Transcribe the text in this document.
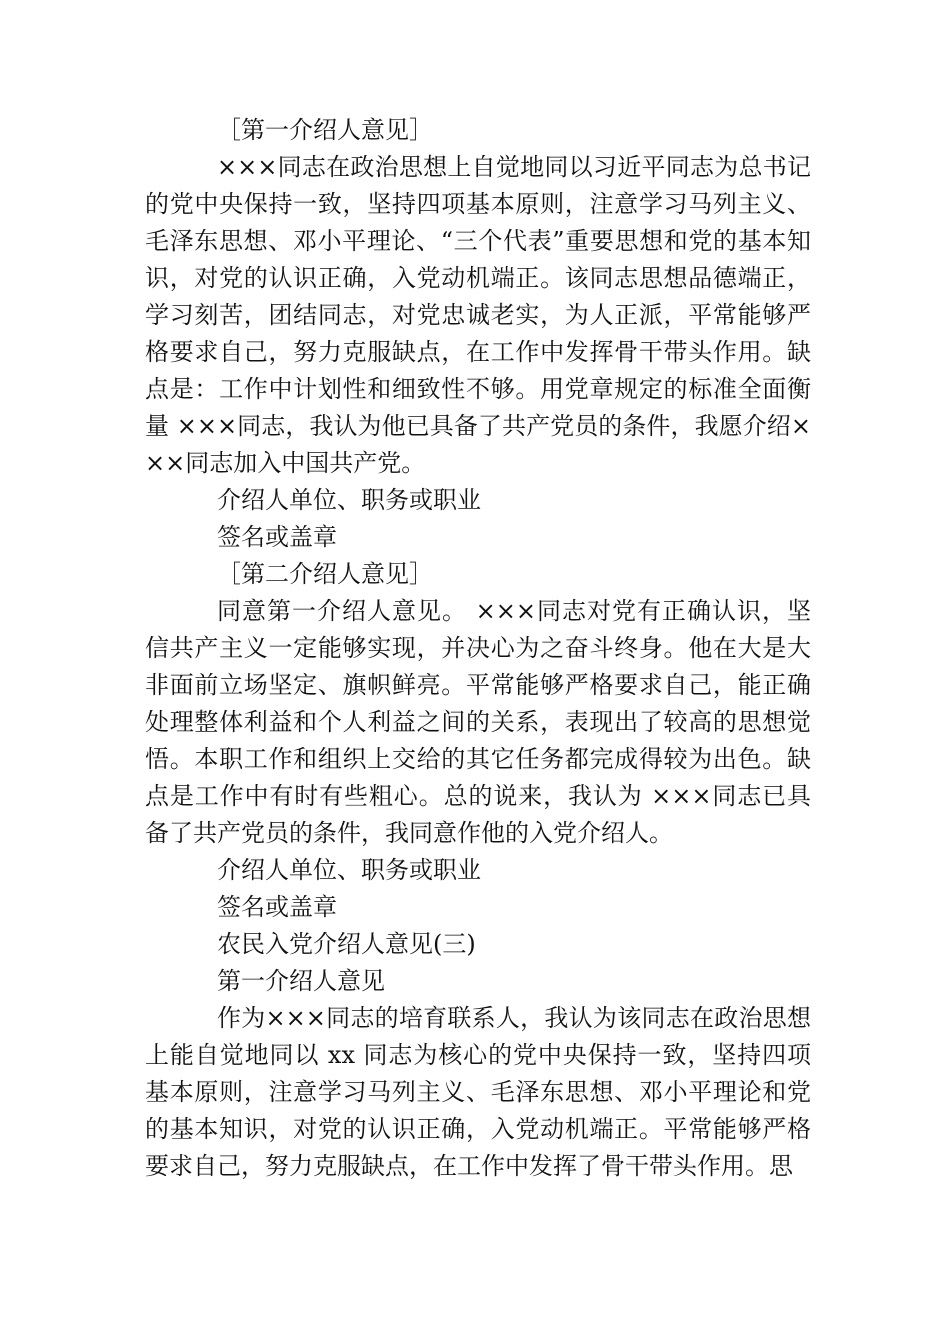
［第一介绍人意见］

×××同志在政治思想上自觉地同以习近平同志为总书记的党中央保持一致，坚持四项基本原则，注意学习马列主义、毛泽东思想、邓小平理论、“三个代表”重要思想和党的基本知识，对党的认识正确，入党动机端正。该同志思想品德端正，学习刻苦，团结同志，对党忠诚老实，为人正派，平常能够严格要求自己，努力克服缺点，在工作中发挥骨干带头作用。缺点是：工作中计划性和细致性不够。用党章规定的标准全面衡量 ×××同志，我认为他已具备了共产党员的条件，我愿介绍×××同志加入中国共产党。

介绍人单位、职务或职业

签名或盖章

［第二介绍人意见］

同意第一介绍人意见。 ×××同志对党有正确认识，坚信共产主义一定能够实现，并决心为之奋斗终身。他在大是大非面前立场坚定、旗帜鲜亮。平常能够严格要求自己，能正确处理整体利益和个人利益之间的关系，表现出了较高的思想觉悟。本职工作和组织上交给的其它任务都完成得较为出色。缺点是工作中有时有些粗心。总的说来，我认为 ×××同志已具备了共产党员的条件，我同意作他的入党介绍人。

介绍人单位、职务或职业

签名或盖章

农民入党介绍人意见(三)

第一介绍人意见

作为×××同志的培育联系人，我认为该同志在政治思想上能自觉地同以 xx 同志为核心的党中央保持一致，坚持四项基本原则，注意学习马列主义、毛泽东思想、邓小平理论和党的基本知识，对党的认识正确，入党动机端正。平常能够严格要求自己，努力克服缺点，在工作中发挥了骨干带头作用。思
